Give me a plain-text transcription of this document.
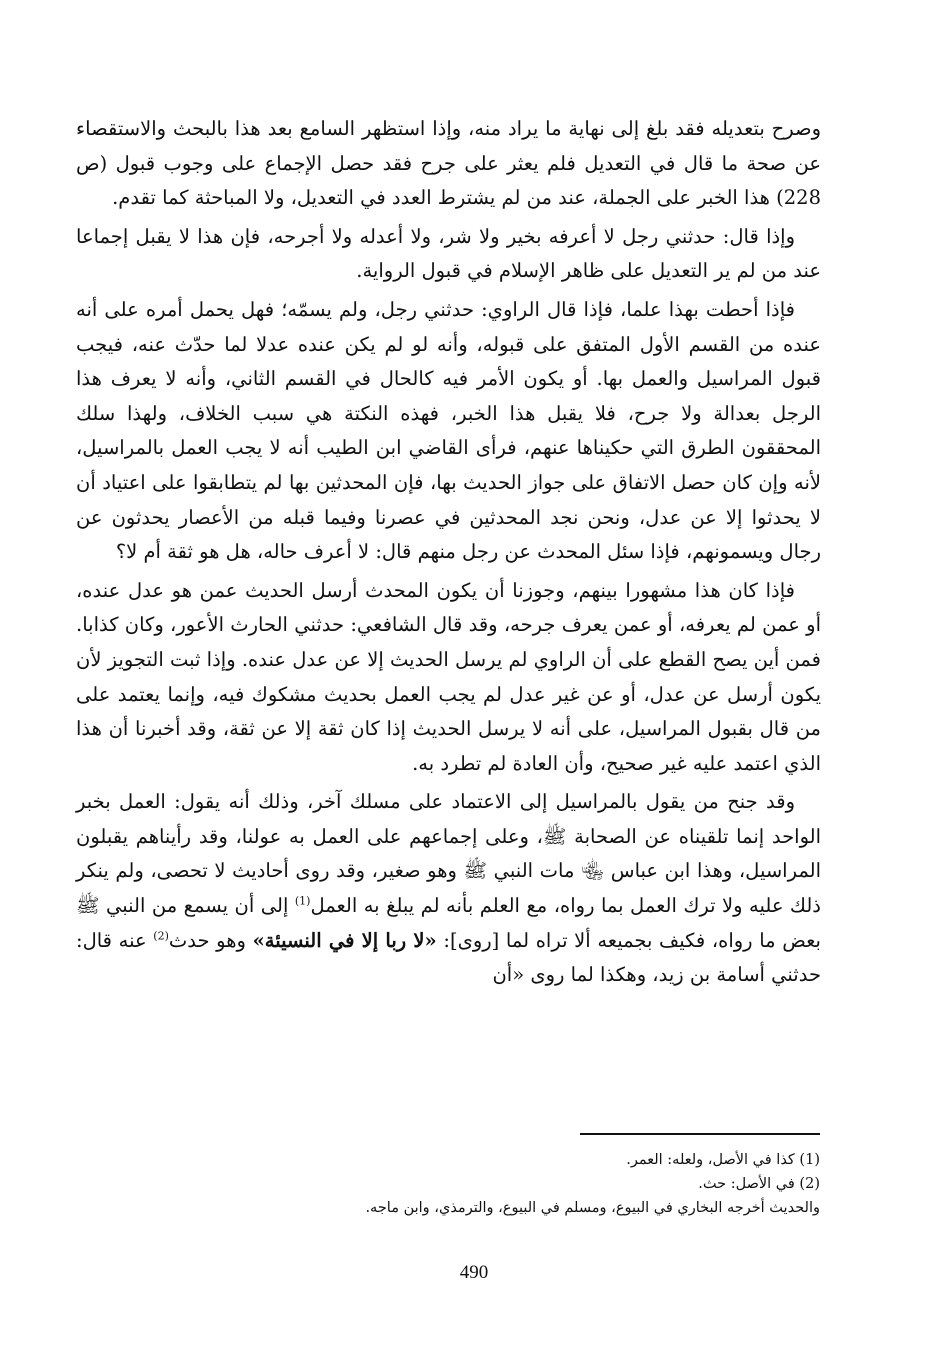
وصرح بتعديله فقد بلغ إلى نهاية ما يراد منه، وإذا استظهر السامع بعد هذا بالبحث والاستقصاء عن صحة ما قال في التعديل فلم يعثر على جرح فقد حصل الإجماع على وجوب قبول (ص 228) هذا الخبر على الجملة، عند من لم يشترط العدد في التعديل، ولا المباحثة كما تقدم.

وإذا قال: حدثني رجل لا أعرفه بخير ولا شر، ولا أعدله ولا أجرحه، فإن هذا لا يقبل إجماعا عند من لم ير التعديل على ظاهر الإسلام في قبول الرواية.

فإذا أحطت بهذا علما، فإذا قال الراوي: حدثني رجل، ولم يسمّه؛ فهل يحمل أمره على أنه عنده من القسم الأول المتفق على قبوله، وأنه لو لم يكن عنده عدلا لما حدّث عنه، فيجب قبول المراسيل والعمل بها. أو يكون الأمر فيه كالحال في القسم الثاني، وأنه لا يعرف هذا الرجل بعدالة ولا جرح، فلا يقبل هذا الخبر، فهذه النكتة هي سبب الخلاف، ولهذا سلك المحققون الطرق التي حكيناها عنهم، فرأى القاضي ابن الطيب أنه لا يجب العمل بالمراسيل، لأنه وإن كان حصل الاتفاق على جواز الحديث بها، فإن المحدثين بها لم يتطابقوا على اعتياد أن لا يحدثوا إلا عن عدل، ونحن نجد المحدثين في عصرنا وفيما قبله من الأعصار يحدثون عن رجال ويسمونهم، فإذا سئل المحدث عن رجل منهم قال: لا أعرف حاله، هل هو ثقة أم لا؟

فإذا كان هذا مشهورا بينهم، وجوزنا أن يكون المحدث أرسل الحديث عمن هو عدل عنده، أو عمن لم يعرفه، أو عمن يعرف جرحه، وقد قال الشافعي: حدثني الحارث الأعور، وكان كذابا. فمن أين يصح القطع على أن الراوي لم يرسل الحديث إلا عن عدل عنده. وإذا ثبت التجويز لأن يكون أرسل عن عدل، أو عن غير عدل لم يجب العمل بحديث مشكوك فيه، وإنما يعتمد على من قال بقبول المراسيل، على أنه لا يرسل الحديث إذا كان ثقة إلا عن ثقة، وقد أخبرنا أن هذا الذي اعتمد عليه غير صحيح، وأن العادة لم تطرد به.

وقد جنح من يقول بالمراسيل إلى الاعتماد على مسلك آخر، وذلك أنه يقول: العمل بخبر الواحد إنما تلقيناه عن الصحابة ﷺ، وعلى إجماعهم على العمل به عولنا، وقد رأيناهم يقبلون المراسيل، وهذا ابن عباس ﵄ مات النبي ﷺ وهو صغير، وقد روى أحاديث لا تحصى، ولم ينكر ذلك عليه ولا ترك العمل بما رواه، مع العلم بأنه لم يبلغ به العمل$^{(1)}$ إلى أن يسمع من النبي ﷺ بعض ما رواه، فكيف بجميعه ألا تراه لما [روى]: «لا ربا إلا في النسيئة» وهو حدث$^{(2)}$ عنه قال: حدثني أسامة بن زيد، وهكذا لما روى «أن

(1) كذا في الأصل، ولعله: العمر.

(2) في الأصل: حث.

والحديث أخرجه البخاري في البيوع، ومسلم في البيوع، والترمذي، وابن ماجه.

490
